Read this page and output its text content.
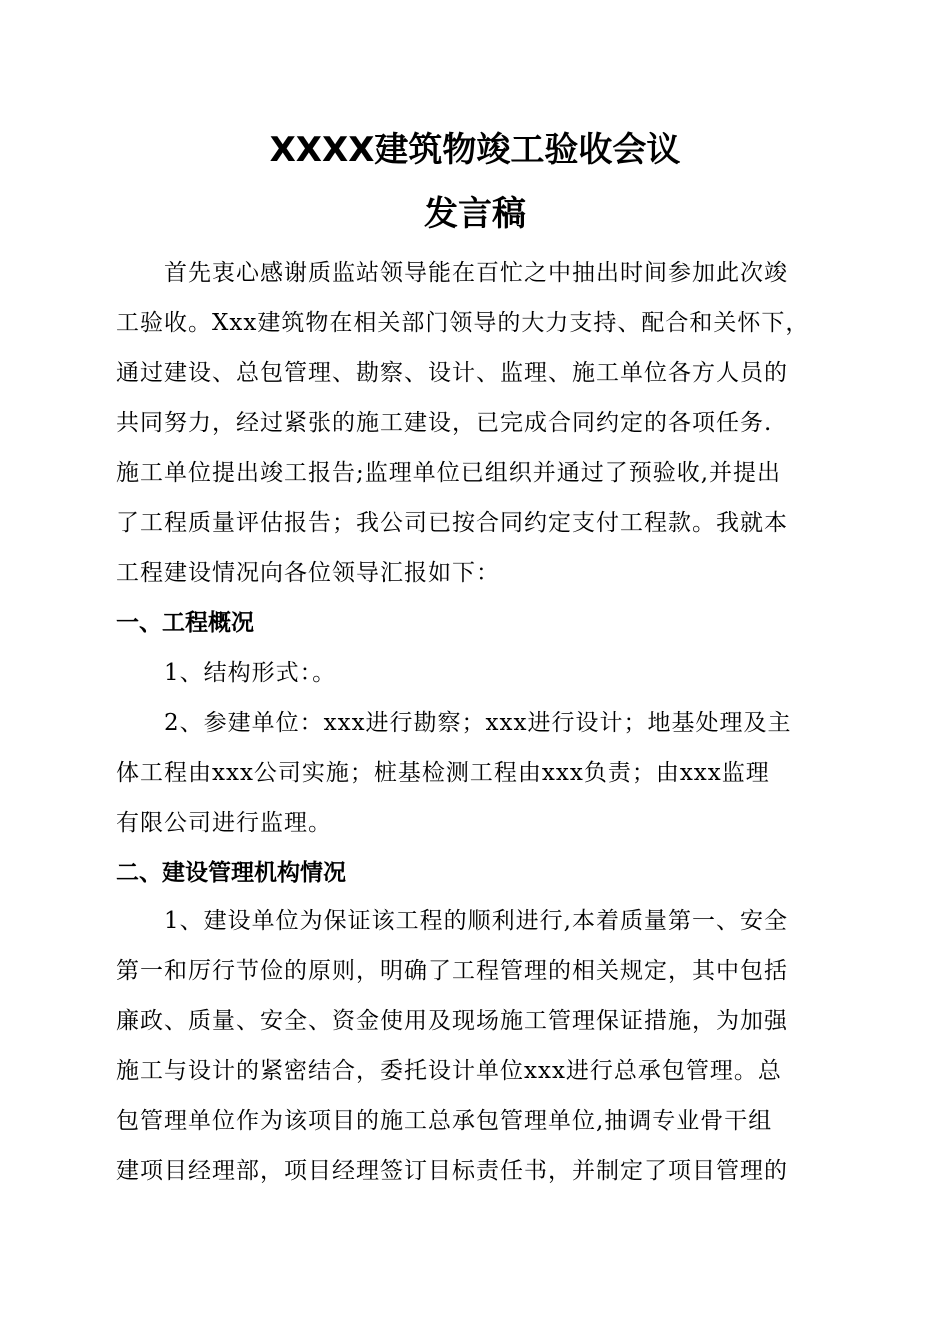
XXXX建筑物竣工验收会议
发言稿
首先衷心感谢质监站领导能在百忙之中抽出时间参加此次竣
工验收。Xxx建筑物在相关部门领导的大力支持、配合和关怀下，
通过建设、总包管理、勘察、设计、监理、施工单位各方人员的
共同努力，经过紧张的施工建设，已完成合同约定的各项任务.
施工单位提出竣工报告;监理单位已组织并通过了预验收,并提出
了工程质量评估报告；我公司已按合同约定支付工程款。我就本
工程建设情况向各位领导汇报如下：
一、工程概况
1、结构形式：。
2、参建单位：xxx进行勘察；xxx进行设计；地基处理及主
体工程由xxx公司实施；桩基检测工程由xxx负责；由xxx监理
有限公司进行监理。
二、建设管理机构情况
1、建设单位为保证该工程的顺利进行,本着质量第一、安全
第一和厉行节俭的原则，明确了工程管理的相关规定，其中包括
廉政、质量、安全、资金使用及现场施工管理保证措施，为加强
施工与设计的紧密结合，委托设计单位xxx进行总承包管理。总
包管理单位作为该项目的施工总承包管理单位,抽调专业骨干组
建项目经理部，项目经理签订目标责任书，并制定了项目管理的
